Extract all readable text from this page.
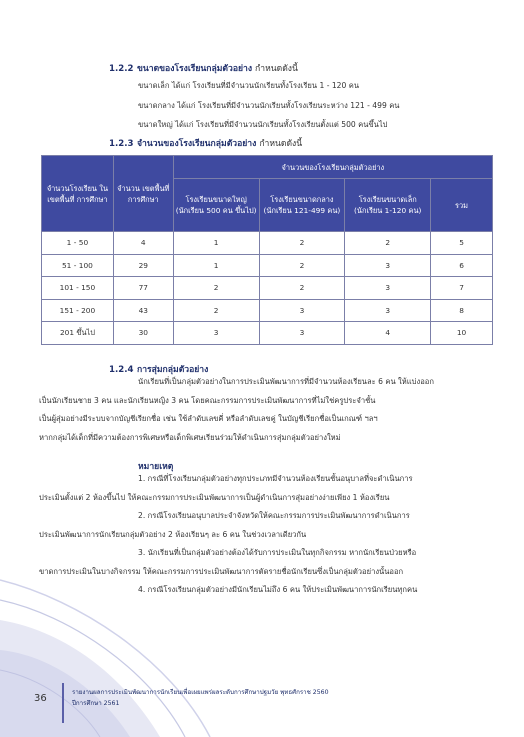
1.2.2 ขนาดของโรงเรียนกลุ่มตัวอย่าง กำหนดดังนี้
ขนาดเล็ก ได้แก่ โรงเรียนที่มีจำนวนนักเรียนทั้งโรงเรียน 1 - 120 คน
ขนาดกลาง ได้แก่ โรงเรียนที่มีจำนวนนักเรียนทั้งโรงเรียนระหว่าง 121 - 499 คน
ขนาดใหญ่ ได้แก่ โรงเรียนที่มีจำนวนนักเรียนทั้งโรงเรียนตั้งแต่ 500 คนขึ้นไป
1.2.3 จำนวนของโรงเรียนกลุ่มตัวอย่าง กำหนดดังนี้
จำนวนโรงเรียน ในเขตพื้นที่ การศึกษา	จำนวน เขตพื้นที่ การศึกษา	จำนวนของโรงเรียนกลุ่มตัวอย่าง			
		โรงเรียนขนาดใหญ่ (นักเรียน 500 คน ขึ้นไป)	โรงเรียนขนาดกลาง (นักเรียน 121-499 คน)	โรงเรียนขนาดเล็ก (นักเรียน 1-120 คน)	รวม
1 - 50	4	1	2	2	5
51 - 100	29	1	2	3	6
101 - 150	77	2	2	3	7
151 - 200	43	2	3	3	8
201 ขึ้นไป	30	3	3	4	10
1.2.4 การสุ่มกลุ่มตัวอย่าง
นักเรียนที่เป็นกลุ่มตัวอย่างในการประเมินพัฒนาการที่มีจำนวนห้องเรียนละ 6 คน ให้แบ่งออก
เป็นนักเรียนชาย 3 คน และนักเรียนหญิง 3 คน โดยคณะกรรมการประเมินพัฒนาการที่ไม่ใช่ครูประจำชั้น
เป็นผู้สุ่มอย่างมีระบบจากบัญชีเรียกชื่อ เช่น ใช้ลำดับเลขคี่ หรือลำดับเลขคู่ ในบัญชีเรียกชื่อเป็นเกณฑ์ ฯลฯ
หากกลุ่มได้เด็กที่มีความต้องการพิเศษหรือเด็กพิเศษเรียนร่วมให้ดำเนินการสุ่มกลุ่มตัวอย่างใหม่
หมายเหตุ
1. กรณีที่โรงเรียนกลุ่มตัวอย่างทุกประเภทมีจำนวนห้องเรียนชั้นอนุบาลที่จะดำเนินการ
ประเมินตั้งแต่ 2 ห้องขึ้นไป ให้คณะกรรมการประเมินพัฒนาการเป็นผู้ดำเนินการสุ่มอย่างง่ายเพียง 1 ห้องเรียน
2. กรณีโรงเรียนอนุบาลประจำจังหวัดให้คณะกรรมการประเมินพัฒนาการดำเนินการ
ประเมินพัฒนาการนักเรียนกลุ่มตัวอย่าง 2 ห้องเรียนๆ ละ 6 คน ในช่วงเวลาเดียวกัน
3. นักเรียนที่เป็นกลุ่มตัวอย่างต้องได้รับการประเมินในทุกกิจกรรม หากนักเรียนป่วยหรือ
ขาดการประเมินในบางกิจกรรม ให้คณะกรรมการประเมินพัฒนาการตัดรายชื่อนักเรียนซึ่งเป็นกลุ่มตัวอย่างนั้นออก
4. กรณีโรงเรียนกลุ่มตัวอย่างมีนักเรียนไม่ถึง 6 คน ให้ประเมินพัฒนาการนักเรียนทุกคน
36
รายงานผลการประเมินพัฒนาการนักเรียนเพื่อเผยแพร่ผลระดับการศึกษาปฐมวัย พุทธศักราช 2560
ปีการศึกษา 2561
